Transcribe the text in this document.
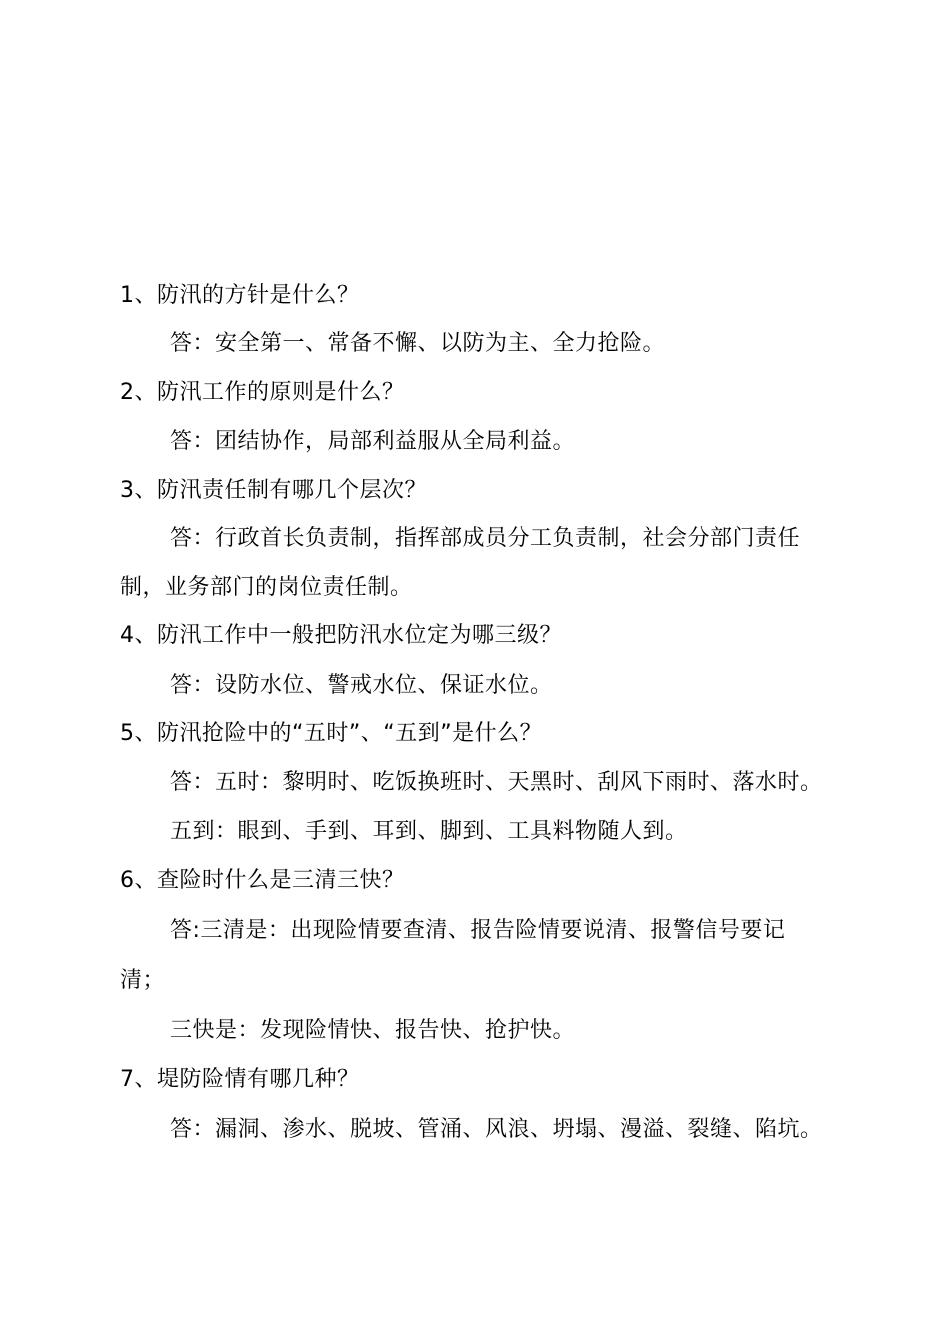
1、防汛的方针是什么？
答：安全第一、常备不懈、以防为主、全力抢险。
2、防汛工作的原则是什么？
答：团结协作，局部利益服从全局利益。
3、防汛责任制有哪几个层次？
答：行政首长负责制，指挥部成员分工负责制，社会分部门责任
制，业务部门的岗位责任制。
4、防汛工作中一般把防汛水位定为哪三级？
答：设防水位、警戒水位、保证水位。
5、防汛抢险中的“五时”、“五到”是什么？
答：五时：黎明时、吃饭换班时、天黑时、刮风下雨时、落水时。
五到：眼到、手到、耳到、脚到、工具料物随人到。
6、查险时什么是三清三快？
答:三清是：出现险情要查清、报告险情要说清、报警信号要记
清；
三快是：发现险情快、报告快、抢护快。
7、堤防险情有哪几种？
答：漏洞、渗水、脱坡、管涌、风浪、坍塌、漫溢、裂缝、陷坑。
